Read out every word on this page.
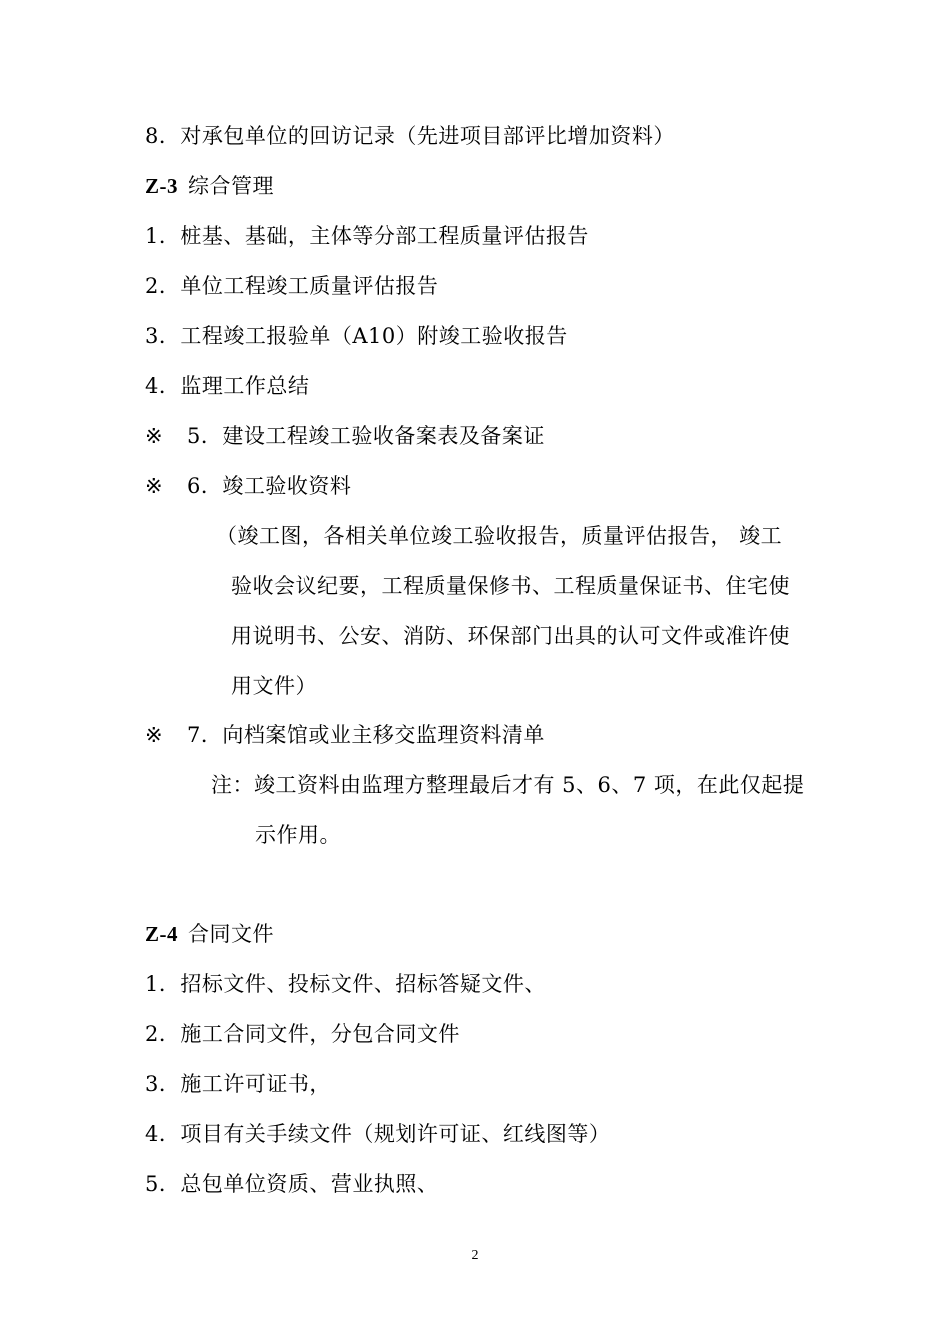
8．对承包单位的回访记录（先进项目部评比增加资料）
Z-3 综合管理
1．桩基、基础，主体等分部工程质量评估报告
2．单位工程竣工质量评估报告
3．工程竣工报验单（A10）附竣工验收报告
4．监理工作总结
※ 5．建设工程竣工验收备案表及备案证
※ 6．竣工验收资料
（竣工图，各相关单位竣工验收报告，质量评估报告， 竣工
验收会议纪要，工程质量保修书、工程质量保证书、住宅使
用说明书、公安、消防、环保部门出具的认可文件或准许使
用文件）
※ 7．向档案馆或业主移交监理资料清单
注：竣工资料由监理方整理最后才有 5、6、7 项，在此仅起提
示作用。
Z-4 合同文件
1．招标文件、投标文件、招标答疑文件、
2．施工合同文件，分包合同文件
3．施工许可证书，
4．项目有关手续文件（规划许可证、红线图等）
5．总包单位资质、营业执照、
2
